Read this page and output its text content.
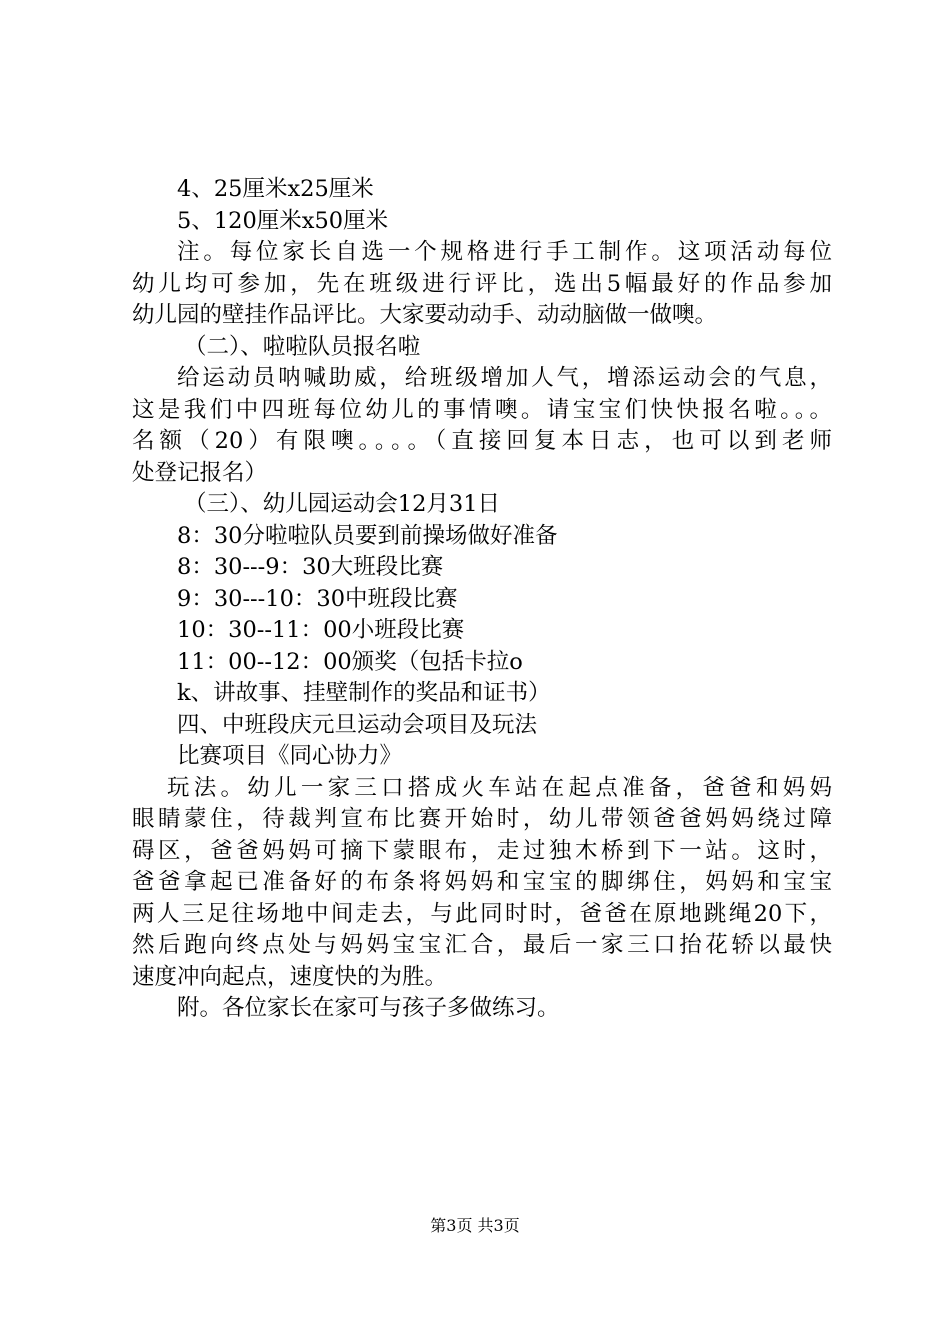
4、25厘米x25厘米
5、120厘米x50厘米
注。每位家长自选一个规格进行手工制作。这项活动每位
幼儿均可参加，先在班级进行评比，选出5幅最好的作品参加
幼儿园的壁挂作品评比。大家要动动手、动动脑做一做噢。
（二）、啦啦队员报名啦
给运动员呐喊助威，给班级增加人气，增添运动会的气息，
这是我们中四班每位幼儿的事情噢。请宝宝们快快报名啦。。。
名额（20）有限噢。。。。（直接回复本日志，也可以到老师
处登记报名）
（三）、幼儿园运动会12月31日
8：30分啦啦队员要到前操场做好准备
8：30---9：30大班段比赛
9：30---10：30中班段比赛
10：30--11：00小班段比赛
11：00--12：00颁奖（包括卡拉o
k、讲故事、挂壁制作的奖品和证书）
四、中班段庆元旦运动会项目及玩法
比赛项目《同心协力》
玩法。幼儿一家三口搭成火车站在起点准备，爸爸和妈妈
眼睛蒙住，待裁判宣布比赛开始时，幼儿带领爸爸妈妈绕过障
碍区，爸爸妈妈可摘下蒙眼布，走过独木桥到下一站。这时，
爸爸拿起已准备好的布条将妈妈和宝宝的脚绑住，妈妈和宝宝
两人三足往场地中间走去，与此同时时，爸爸在原地跳绳20下，
然后跑向终点处与妈妈宝宝汇合，最后一家三口抬花轿以最快
速度冲向起点，速度快的为胜。
附。各位家长在家可与孩子多做练习。
第3页 共3页
